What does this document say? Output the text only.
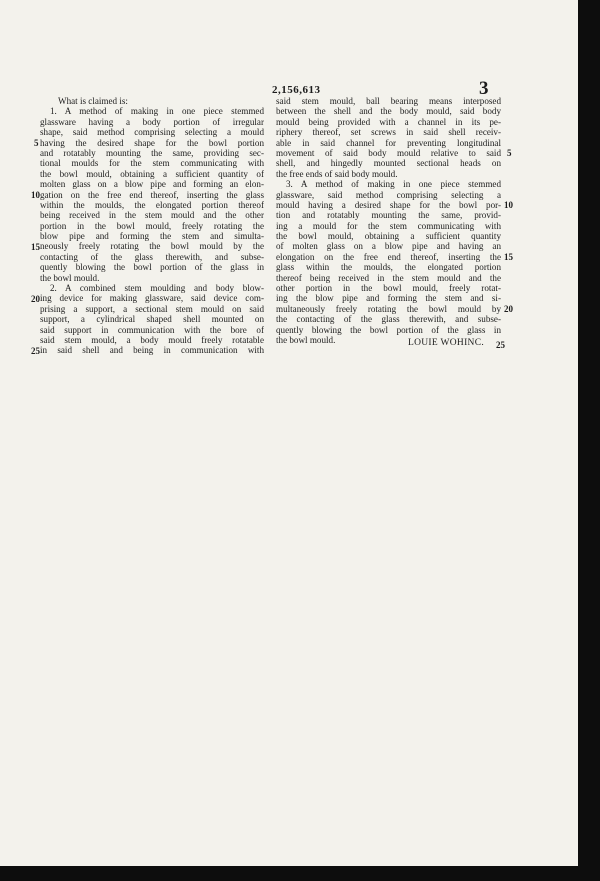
2,156,613	3
What is claimed is:
1. A method of making in one piece stemmed
glassware having a body portion of irregular
shape, said method comprising selecting a mould
having the desired shape for the bowl portion
and rotatably mounting the same, providing sec-
tional moulds for the stem communicating with
the bowl mould, obtaining a sufficient quantity of
molten glass on a blow pipe and forming an elon-
gation on the free end thereof, inserting the glass
within the moulds, the elongated portion thereof
being received in the stem mould and the other
portion in the bowl mould, freely rotating the
blow pipe and forming the stem and simulta-
neously freely rotating the bowl mould by the
contacting of the glass therewith, and subse-
quently blowing the bowl portion of the glass in
the bowl mould.
2. A combined stem moulding and body blow-
ing device for making glassware, said device com-
prising a support, a sectional stem mould on said
support, a cylindrical shaped shell mounted on
said support in communication with the bore of
said stem mould, a body mould freely rotatable
in said shell and being in communication with
said stem mould, ball bearing means interposed
between the shell and the body mould, said body
mould being provided with a channel in its pe-
riphery thereof, set screws in said shell receiv-
able in said channel for preventing longitudinal
movement of said body mould relative to said
shell, and hingedly mounted sectional heads on
the free ends of said body mould.
3. A method of making in one piece stemmed
glassware, said method comprising selecting a
mould having a desired shape for the bowl por-
tion and rotatably mounting the same, provid-
ing a mould for the stem communicating with
the bowl mould, obtaining a sufficient quantity
of molten glass on a blow pipe and having an
elongation on the free end thereof, inserting the
glass within the moulds, the elongated portion
thereof being received in the stem mould and the
other portion in the bowl mould, freely rotat-
ing the blow pipe and forming the stem and si-
multaneously freely rotating the bowl mould by
the contacting of the glass therewith, and subse-
quently blowing the bowl portion of the glass in
the bowl mould.
5
10
15
20
25
5
10
15
20
25
LOUIE WOHINC.
